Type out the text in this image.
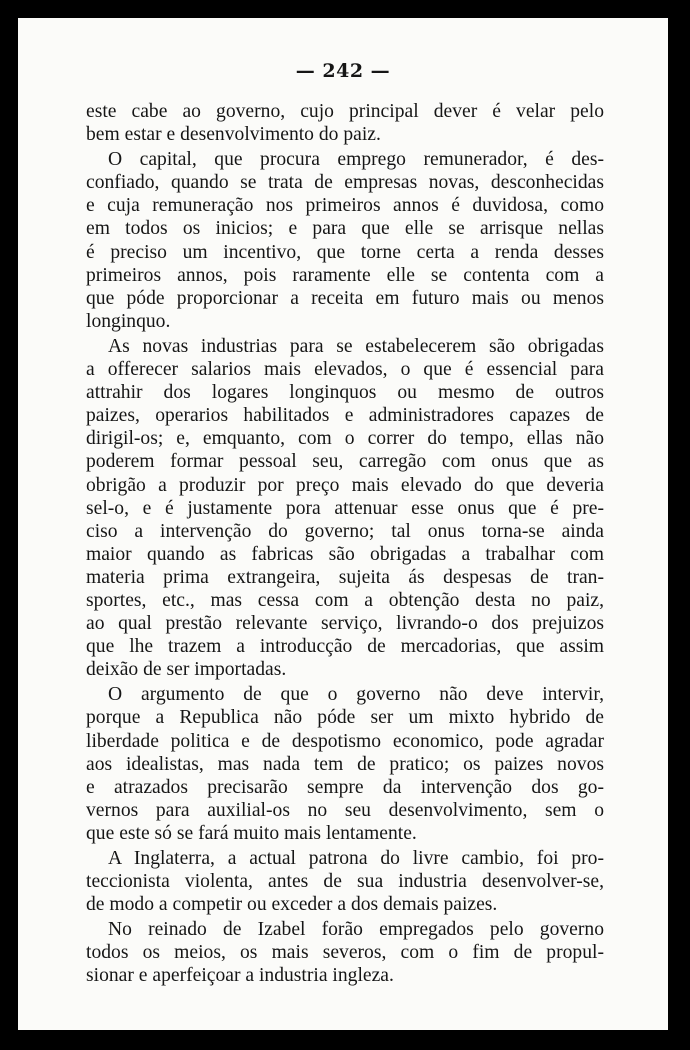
— 242 —
este cabe ao governo, cujo principal dever é velar pelo
bem estar e desenvolvimento do paiz.
O capital, que procura emprego remunerador, é des-
confiado, quando se trata de empresas novas, desconhecidas
e cuja remuneração nos primeiros annos é duvidosa, como
em todos os inicios; e para que elle se arrisque nellas
é preciso um incentivo, que torne certa a renda desses
primeiros annos, pois raramente elle se contenta com a
que póde proporcionar a receita em futuro mais ou menos
longinquo.
As novas industrias para se estabelecerem são obrigadas
a offerecer salarios mais elevados, o que é essencial para
attrahir dos logares longinquos ou mesmo de outros
paizes, operarios habilitados e administradores capazes de
dirigil-os; e, emquanto, com o correr do tempo, ellas não
poderem formar pessoal seu, carregão com onus que as
obrigão a produzir por preço mais elevado do que deveria
sel-o, e é justamente pora attenuar esse onus que é pre-
ciso a intervenção do governo; tal onus torna-se ainda
maior quando as fabricas são obrigadas a trabalhar com
materia prima extrangeira, sujeita ás despesas de tran-
sportes, etc., mas cessa com a obtenção desta no paiz,
ao qual prestão relevante serviço, livrando-o dos prejuizos
que lhe trazem a introducção de mercadorias, que assim
deixão de ser importadas.
O argumento de que o governo não deve intervir,
porque a Republica não póde ser um mixto hybrido de
liberdade politica e de despotismo economico, pode agradar
aos idealistas, mas nada tem de pratico; os paizes novos
e atrazados precisarão sempre da intervenção dos go-
vernos para auxilial-os no seu desenvolvimento, sem o
que este só se fará muito mais lentamente.
A Inglaterra, a actual patrona do livre cambio, foi pro-
teccionista violenta, antes de sua industria desenvolver-se,
de modo a competir ou exceder a dos demais paizes.
No reinado de Izabel forão empregados pelo governo
todos os meios, os mais severos, com o fim de propul-
sionar e aperfeiçoar a industria ingleza.
